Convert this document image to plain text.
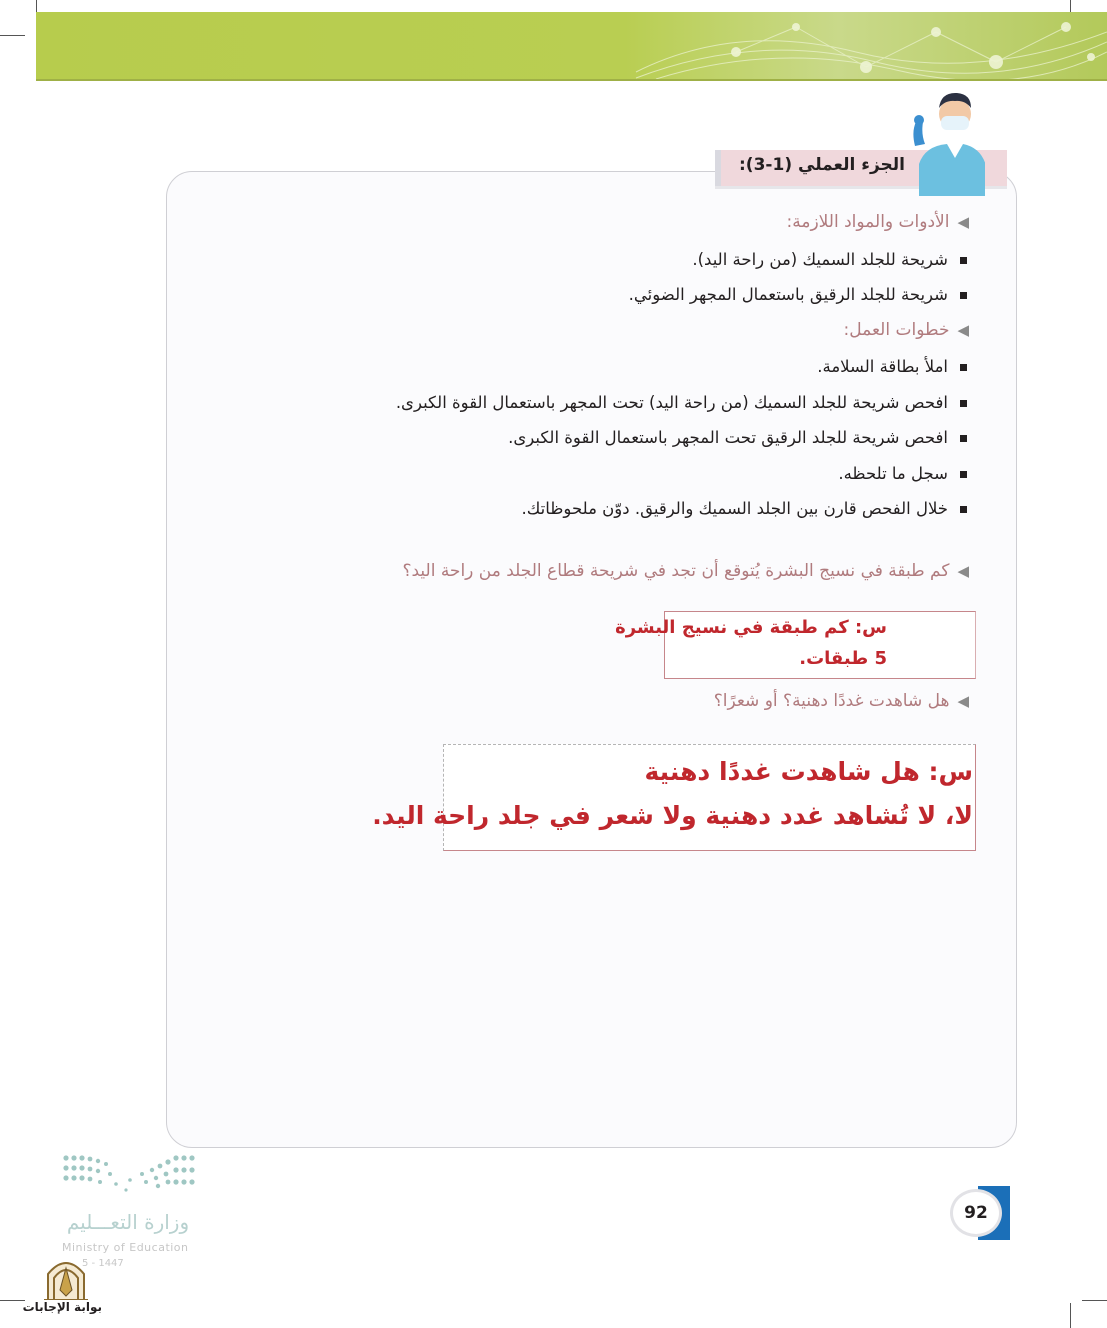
الجزء العملي (1-3):
◀الأدوات والمواد اللازمة:
شريحة للجلد السميك (من راحة اليد).
شريحة للجلد الرقيق باستعمال المجهر الضوئي.
◀خطوات العمل:
املأ بطاقة السلامة.
افحص شريحة للجلد السميك (من راحة اليد) تحت المجهر باستعمال القوة الكبرى.
افحص شريحة للجلد الرقيق تحت المجهر باستعمال القوة الكبرى.
سجل ما تلحظه.
خلال الفحص قارن بين الجلد السميك والرقيق. دوّن ملحوظاتك.
◀كم طبقة في نسيج البشرة يُتوقع أن تجد في شريحة قطاع الجلد من راحة اليد؟
س: كم طبقة في نسيج البشرة
5 طبقات.
◀هل شاهدت غددًا دهنية؟ أو شعرًا؟
س: هل شاهدت غددًا دهنية
لا، لا تُشاهد غدد دهنية ولا شعر في جلد راحة اليد.
92
وزارة التعـــليم
Ministry of Education
5 - 1447
بوابة الإجابات
